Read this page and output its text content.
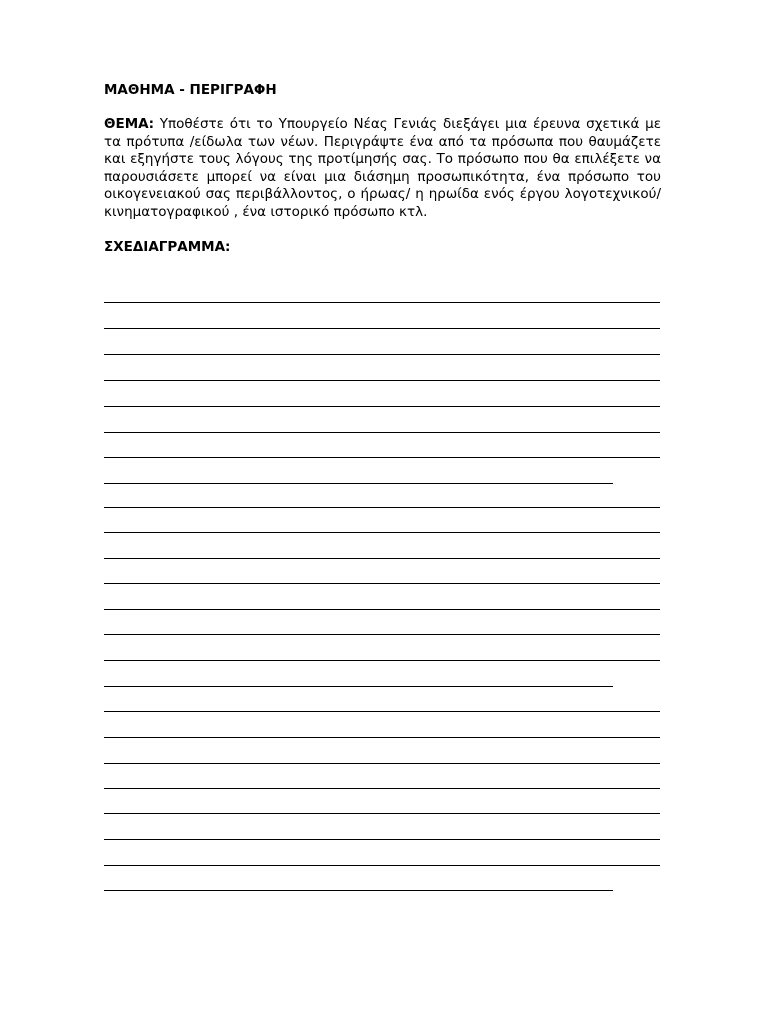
ΜΑΘΗΜΑ - ΠΕΡΙΓΡΑΦΗ
ΘΕΜΑ: Υποθέστε ότι το Υπουργείο Νέας Γενιάς διεξάγει μια έρευνα σχετικά με τα πρότυπα /είδωλα των νέων. Περιγράψτε ένα από τα πρόσωπα που θαυμάζετε και εξηγήστε τους λόγους της προτίμησής σας. Το πρόσωπο που θα επιλέξετε να παρουσιάσετε μπορεί να είναι μια διάσημη προσωπικότητα, ένα πρόσωπο του οικογενειακού σας περιβάλλοντος, ο ήρωας/ η ηρωίδα ενός έργου λογοτεχνικού/ κινηματογραφικού , ένα ιστορικό πρόσωπο κτλ.
ΣΧΕΔΙΑΓΡΑΜΜΑ:
